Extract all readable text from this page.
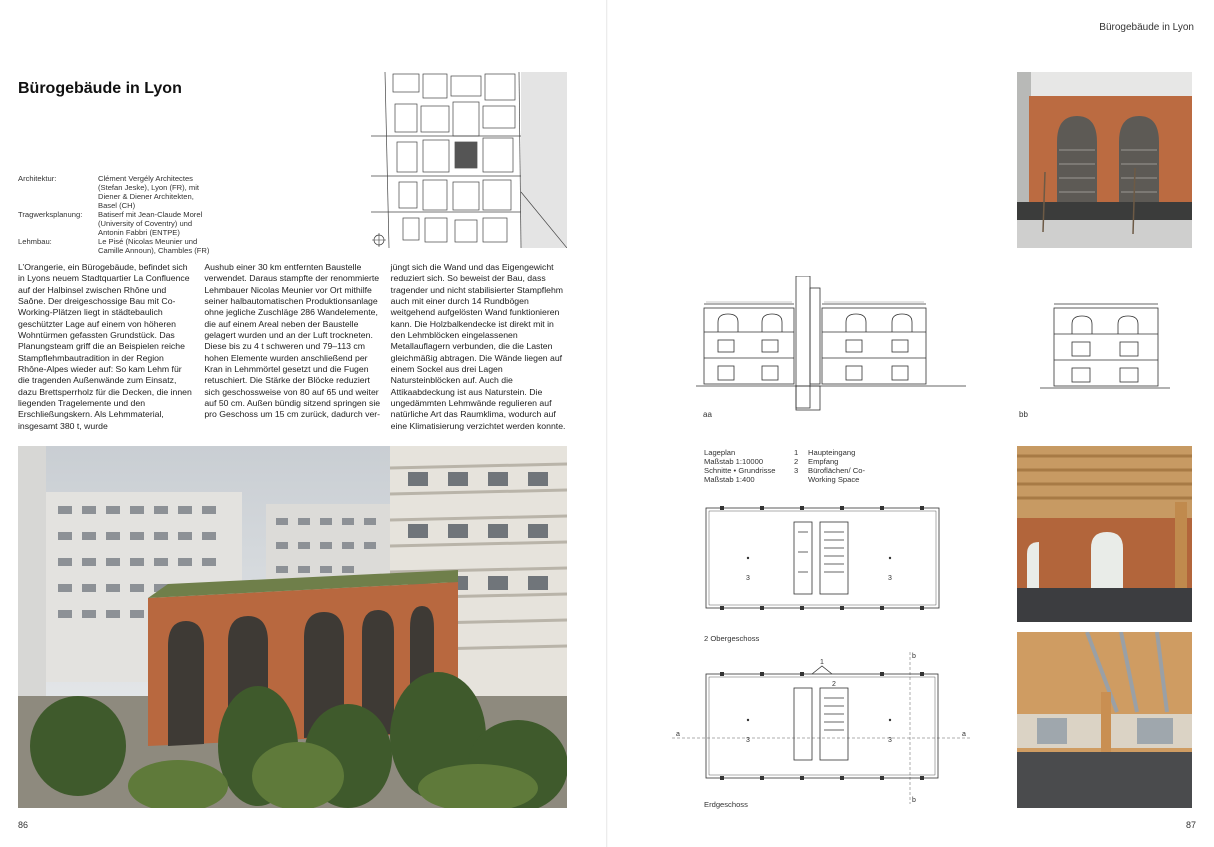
Bürogebäude in Lyon
Bürogebäude in Lyon
Architektur:	Clément Vergély Architectes (Stefan Jeske), Lyon (FR), mit Diener & Diener Architekten, Basel (CH)
Tragwerksplanung:	Batiserf mit Jean-Claude Morel (University of Coventry) und Antonin Fabbri (ENTPE)
Lehmbau:	Le Pisé (Nicolas Meunier und Camille Announ), Chambles (FR)

L’Orangerie, ein Bürogebäude, befindet sich in Lyons neuem Stadtquartier La Confluence auf der Halbinsel zwischen Rhône und Saône. Der dreigeschossige Bau mit Co-Working-Plätzen liegt in städtebaulich geschützter Lage auf einem von höheren Wohntürmen gefassten Grundstück. Das Planungsteam griff die an Beispielen reiche Stampflehmbautradition in der Region Rhône-Alpes wieder auf: So kam Lehm für die tragenden Außenwände zum Einsatz, dazu Brettsperrholz für die Decken, die innen liegenden Tragelemente und den Erschließungskern. Als Lehmmaterial, insgesamt 380 t, wurde

Aushub einer 30 km entfernten Baustelle verwendet. Daraus stampfte der renommierte Lehmbauer Nicolas Meunier vor Ort mithilfe seiner halbautomatischen Produktionsanlage ohne jegliche Zuschläge 286 Wandelemente, die auf einem Areal neben der Baustelle gelagert wurden und an der Luft trockneten. Diese bis zu 4 t schweren und 79–113 cm hohen Elemente wurden anschließend per Kran in Lehmmörtel gesetzt und die Fugen retuschiert. Die Stärke der Blöcke reduziert sich geschossweise von 80 auf 65 und weiter auf 50 cm. Außen bündig sitzend springen sie pro Geschoss um 15 cm zurück, dadurch ver-

jüngt sich die Wand und das Eigengewicht reduziert sich. So beweist der Bau, dass tragender und nicht stabilisierter Stampflehm auch mit einer durch 14 Rundbögen weitgehend aufgelösten Wand funktionieren kann. Die Holzbalkendecke ist direkt mit in den Lehmblöcken eingelassenen Metallauflagern verbunden, die die Lasten gleichmäßig abtragen. Die Wände liegen auf einem Sockel aus drei Lagen Natursteinblöcken auf. Auch die Attikaabdeckung ist aus Naturstein. Die ungedämmten Lehmwände regulieren auf natürliche Art das Raumklima, wodurch auf eine Klimatisierung verzichtet werden konnte.

86
aa	bb
Lageplan
Maßstab 1:10000
Schnitte • Grundrisse
Maßstab 1:400
1 Haupteingang
2 Empfang
3 Büroflächen/ Co-Working Space
3	3
2 Obergeschoss
1
2
3	3
a	a
b
b
Erdgeschoss
87
